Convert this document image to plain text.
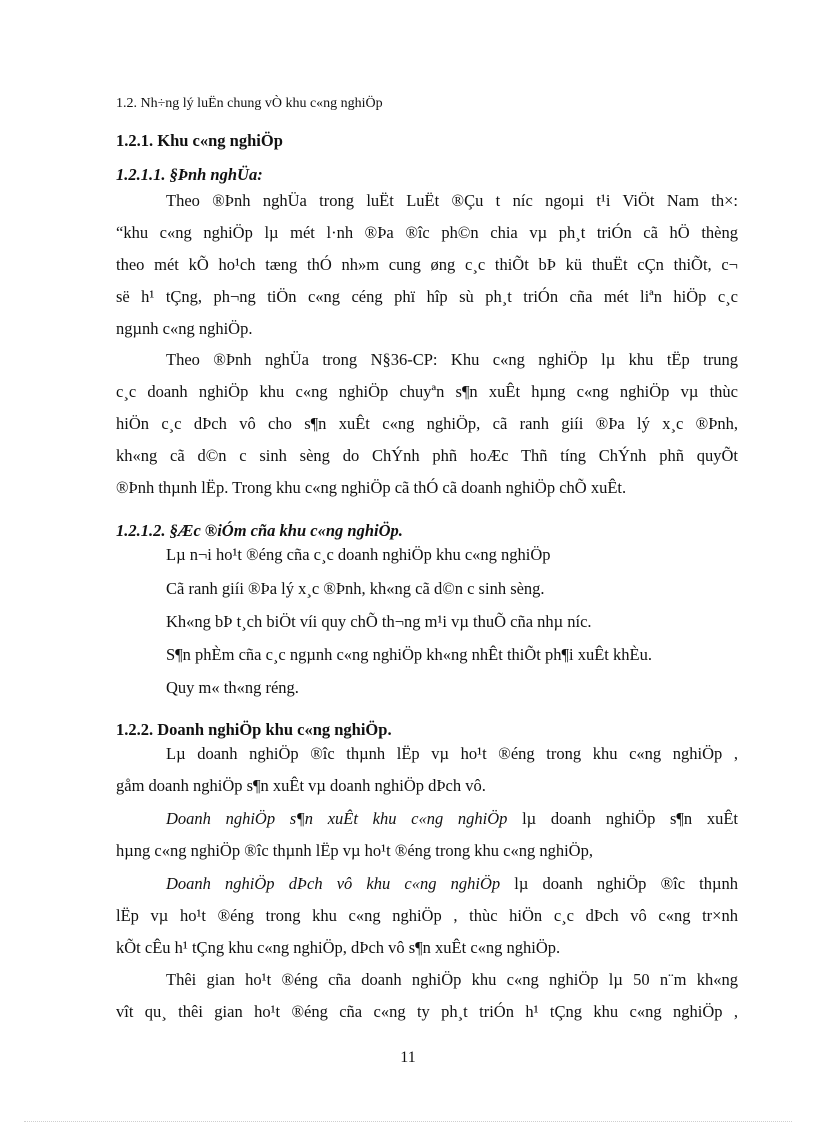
1.2. Nh÷ng lý luËn chung vÒ khu c«ng nghiÖp
1.2.1. Khu c«ng nghiÖp
1.2.1.1. §Þnh nghÜa:
Theo ®Þnh nghÜa trong luËt LuËt ®Çu t níc ngoµi t¹i ViÖt Nam th×:
“khu c«ng nghiÖp lµ mét l·nh ®Þa ®îc ph©n chia vµ ph¸t triÓn cã hÖ thèng
theo mét kÕ ho¹ch tæng thÓ nh»m cung øng c¸c thiÕt bÞ kü thuËt cÇn thiÕt, c¬
së h¹ tÇng, ph¬ng tiÖn c«ng céng phï hîp sù ph¸t triÓn cña mét liªn hiÖp c¸c
ngµnh c«ng nghiÖp.
Theo ®Þnh nghÜa trong N§36-CP: Khu c«ng nghiÖp lµ khu tËp trung
c¸c doanh nghiÖp khu c«ng nghiÖp chuyªn s¶n xuÊt hµng c«ng nghiÖp vµ thùc
hiÖn c¸c dÞch vô cho s¶n xuÊt c«ng nghiÖp, cã ranh giíi ®Þa lý x¸c ®Þnh,
kh«ng cã d©n c sinh sèng do ChÝnh phñ hoÆc Thñ tíng ChÝnh phñ quyÕt
®Þnh thµnh lËp. Trong khu c«ng nghiÖp cã thÓ cã doanh nghiÖp chÕ xuÊt.
1.2.1.2. §Æc ®iÓm cña khu c«ng nghiÖp.
Lµ n¬i ho¹t ®éng cña c¸c doanh nghiÖp khu c«ng nghiÖp
Cã ranh giíi ®Þa lý x¸c ®Þnh, kh«ng cã d©n c sinh sèng.
Kh«ng bÞ t¸ch biÖt víi quy chÕ th¬ng m¹i vµ thuÕ cña nhµ níc.
S¶n phÈm cña c¸c ngµnh c«ng nghiÖp kh«ng nhÊt thiÕt ph¶i xuÊt khÈu.
Quy m« th«ng réng.
1.2.2. Doanh nghiÖp khu c«ng nghiÖp.
Lµ doanh nghiÖp ®îc thµnh lËp vµ ho¹t ®éng trong khu c«ng nghiÖp ,
gåm doanh nghiÖp s¶n xuÊt vµ doanh nghiÖp dÞch vô.
Doanh nghiÖp s¶n xuÊt khu c«ng nghiÖp lµ doanh nghiÖp s¶n xuÊt
hµng c«ng nghiÖp ®îc thµnh lËp vµ ho¹t ®éng trong khu c«ng nghiÖp,
Doanh nghiÖp dÞch vô khu c«ng nghiÖp lµ doanh nghiÖp ®îc thµnh
lËp vµ ho¹t ®éng trong khu c«ng nghiÖp , thùc hiÖn c¸c dÞch vô c«ng tr×nh
kÕt cÊu h¹ tÇng khu c«ng nghiÖp, dÞch vô s¶n xuÊt c«ng nghiÖp.
Thêi gian ho¹t ®éng cña doanh nghiÖp khu c«ng nghiÖp lµ 50 n¨m kh«ng
vît qu¸ thêi gian ho¹t ®éng cña c«ng ty ph¸t triÓn h¹ tÇng khu c«ng nghiÖp ,
11
